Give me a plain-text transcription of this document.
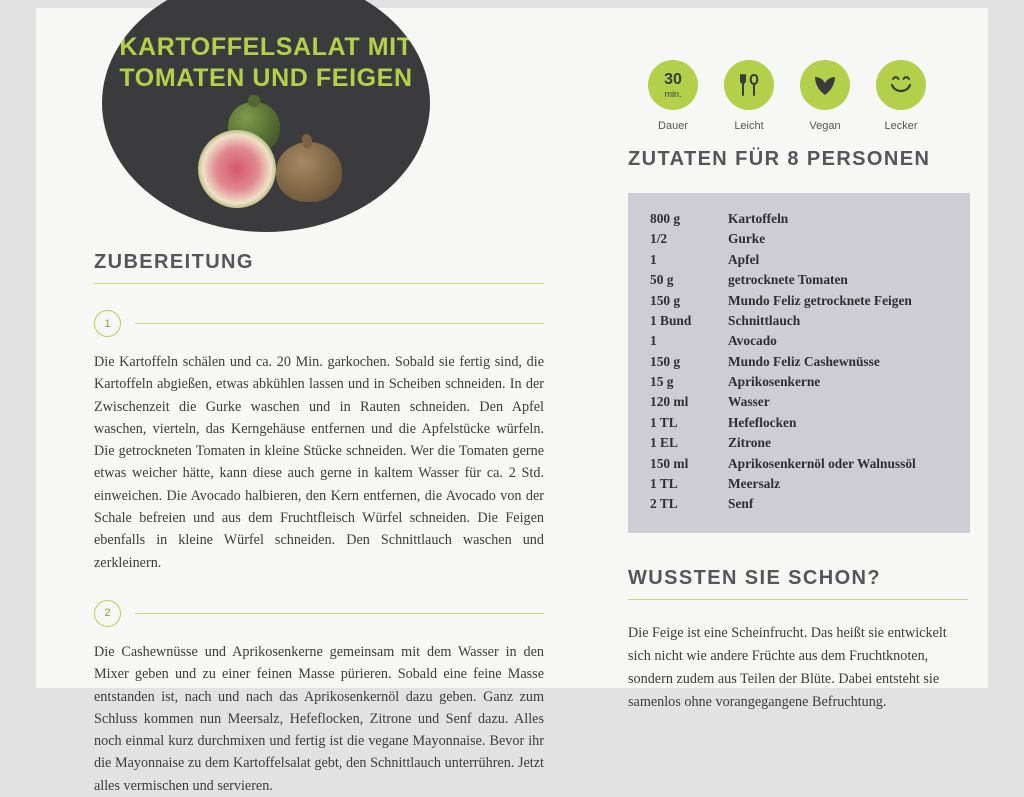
KARTOFFELSALAT MIT
TOMATEN UND FEIGEN	30
min.
Dauer	Leicht	Vegan	Lecker
ZUBEREITUNG
1
Die Kartoffeln schälen und ca. 20 Min. garkochen. Sobald sie fertig sind, die Kartoffeln abgießen, etwas abkühlen lassen und in Scheiben schneiden. In der Zwischenzeit die Gurke waschen und in Rauten schneiden. Den Apfel waschen, vierteln, das Kerngehäuse entfernen und die Apfelstücke würfeln. Die getrockneten Tomaten in kleine Stücke schneiden. Wer die Tomaten gerne etwas weicher hätte, kann diese auch gerne in kaltem Wasser für ca. 2 Std. einweichen. Die Avocado halbieren, den Kern entfernen, die Avocado von der Schale befreien und aus dem Fruchtfleisch Würfel schneiden. Die Feigen ebenfalls in kleine Würfel schneiden. Den Schnittlauch waschen und zerkleinern.
2
Die Cashewnüsse und Aprikosenkerne gemeinsam mit dem Wasser in den Mixer geben und zu einer feinen Masse pürieren. Sobald eine feine Masse entstanden ist, nach und nach das Aprikosenkernöl dazu geben. Ganz zum Schluss kommen nun Meersalz, Hefeflocken, Zitrone und Senf dazu. Alles noch einmal kurz durchmixen und fertig ist die vegane Mayonnaise. Bevor ihr die Mayonnaise zu dem Kartoffelsalat gebt, den Schnittlauch unterrühren. Jetzt alles vermischen und servieren.
ZUTATEN FÜR 8 PERSONEN
800 g	Kartoffeln
1/2	Gurke
1	Apfel
50 g	getrocknete Tomaten
150 g	Mundo Feliz getrocknete Feigen
1 Bund	Schnittlauch
1	Avocado
150 g	Mundo Feliz Cashewnüsse
15 g	Aprikosenkerne
120 ml	Wasser
1 TL	Hefeflocken
1 EL	Zitrone
150 ml	Aprikosenkernöl oder Walnussöl
1 TL	Meersalz
2 TL	Senf
WUSSTEN SIE SCHON?
Die Feige ist eine Scheinfrucht. Das heißt sie entwickelt sich nicht wie andere Früchte aus dem Fruchtknoten, sondern zudem aus Teilen der Blüte. Dabei entsteht sie samenlos ohne vorangegangene Befruchtung.
